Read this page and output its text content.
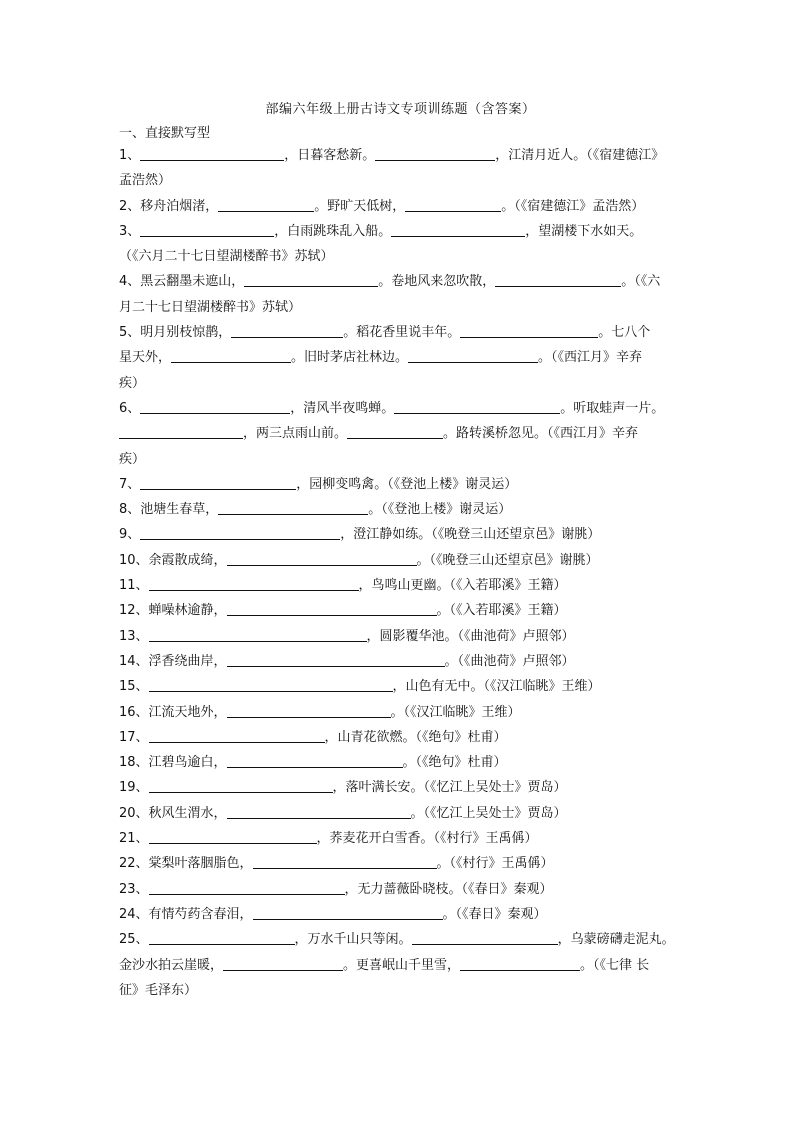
部编六年级上册古诗文专项训练题（含答案）
一、直接默写型
1、	，日暮客愁新。	，江清月近人。（《宿建德江》
孟浩然）
2、移舟泊烟渚，	。野旷天低树，	。（《宿建德江》孟浩然）
3、	，白雨跳珠乱入船。	，望湖楼下水如天。
（《六月二十七日望湖楼醉书》苏轼）
4、黑云翻墨未遮山，	。卷地风来忽吹散，	。（《六
月二十七日望湖楼醉书》苏轼）
5、明月别枝惊鹊，	。稻花香里说丰年。	。七八个
星天外，	。旧时茅店社林边。	。（《西江月》辛弃
疾）
6、	，清风半夜鸣蝉。	。听取蛙声一片。
，两三点雨山前。	。路转溪桥忽见。（《西江月》辛弃
疾）
7、	，园柳变鸣禽。（《登池上楼》谢灵运）
8、池塘生春草，	。（《登池上楼》谢灵运）
9、	，澄江静如练。（《晚登三山还望京邑》谢朓）
10、余霞散成绮，	。（《晚登三山还望京邑》谢朓）
11、	，鸟鸣山更幽。（《入若耶溪》王籍）
12、蝉噪林逾静，	。（《入若耶溪》王籍）
13、	，圆影覆华池。（《曲池荷》卢照邻）
14、浮香绕曲岸，	。（《曲池荷》卢照邻）
15、	，山色有无中。（《汉江临眺》王维）
16、江流天地外，	。（《汉江临眺》王维）
17、	，山青花欲燃。（《绝句》杜甫）
18、江碧鸟逾白，	。（《绝句》杜甫）
19、	，落叶满长安。（《忆江上吴处士》贾岛）
20、秋风生渭水，	。（《忆江上吴处士》贾岛）
21、	，荞麦花开白雪香。（《村行》王禹偁）
22、棠梨叶落胭脂色，	。（《村行》王禹偁）
23、	，无力蔷薇卧晓枝。（《春日》秦观）
24、有情芍药含春泪，	。（《春日》秦观）
25、	，万水千山只等闲。	，乌蒙磅礴走泥丸。
金沙水拍云崖暖，	。更喜岷山千里雪，	。（《七律 长
征》毛泽东）
